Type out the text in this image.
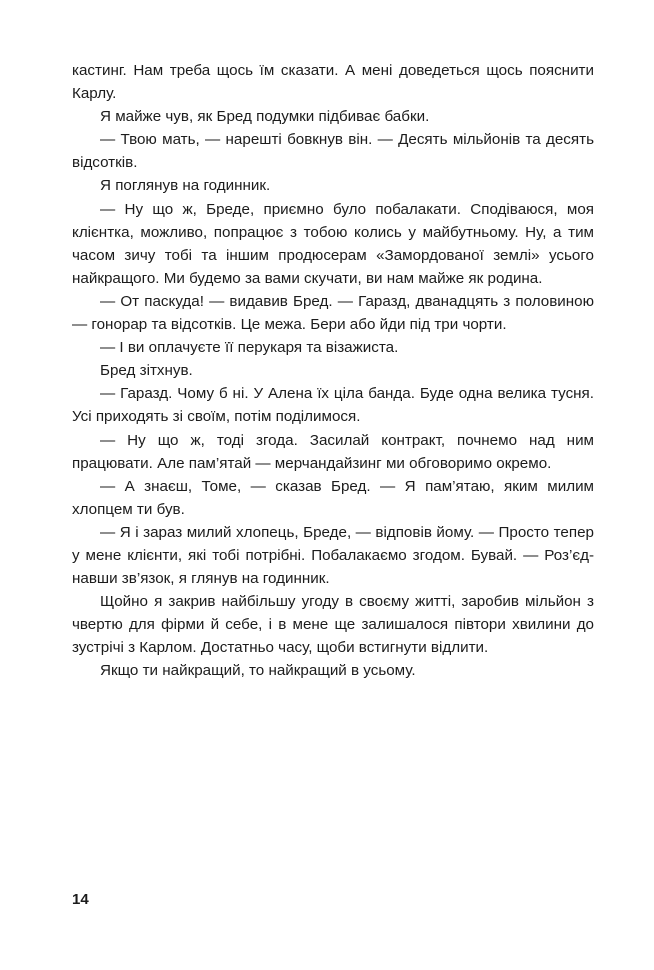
кастинг. Нам треба щось їм сказати. А мені доведеться щось пояснити Карлу.

Я майже чув, як Бред подумки підбиває бабки.

— Твою мать, — нарешті бовкнув він. — Десять мільйонів та десять відсотків.

Я поглянув на годинник.

— Ну що ж, Бреде, приємно було побалакати. Сподіваюся, моя клієнтка, можливо, попрацює з тобою колись у майбутньому. Ну, а тим часом зичу тобі та іншим продюсерам «Замордованої землі» усього найкращого. Ми будемо за вами скучати, ви нам майже як родина.

— От паскуда! — видавив Бред. — Гаразд, дванадцять з половиною — гонорар та відсотків. Це межа. Бери або йди під три чорти.

— І ви оплачуєте її перукаря та візажиста.

Бред зітхнув.

— Гаразд. Чому б ні. У Алена їх ціла банда. Буде одна велика тусня. Усі приходять зі своїм, потім поділимося.

— Ну що ж, тоді згода. Засилай контракт, почнемо над ним працювати. Але пам’ятай — мерчандайзинг ми обговоримо окремо.

— А знаєш, Томе, — сказав Бред. — Я пам’ятаю, яким милим хлопцем ти був.

— Я і зараз милий хлопець, Бреде, — відповів йому. — Просто тепер у мене клієнти, які тобі потрібні. Побалакаємо згодом. Бувай. — Роз’єднавши зв’язок, я глянув на годинник.

Щойно я закрив найбільшу угоду в своєму житті, заробив мільйон з чвертю для фірми й себе, і в мене ще залишалося півтори хвилини до зустрічі з Карлом. Достатньо часу, щоби встигнути відлити.

Якщо ти найкращий, то найкращий в усьому.

14
